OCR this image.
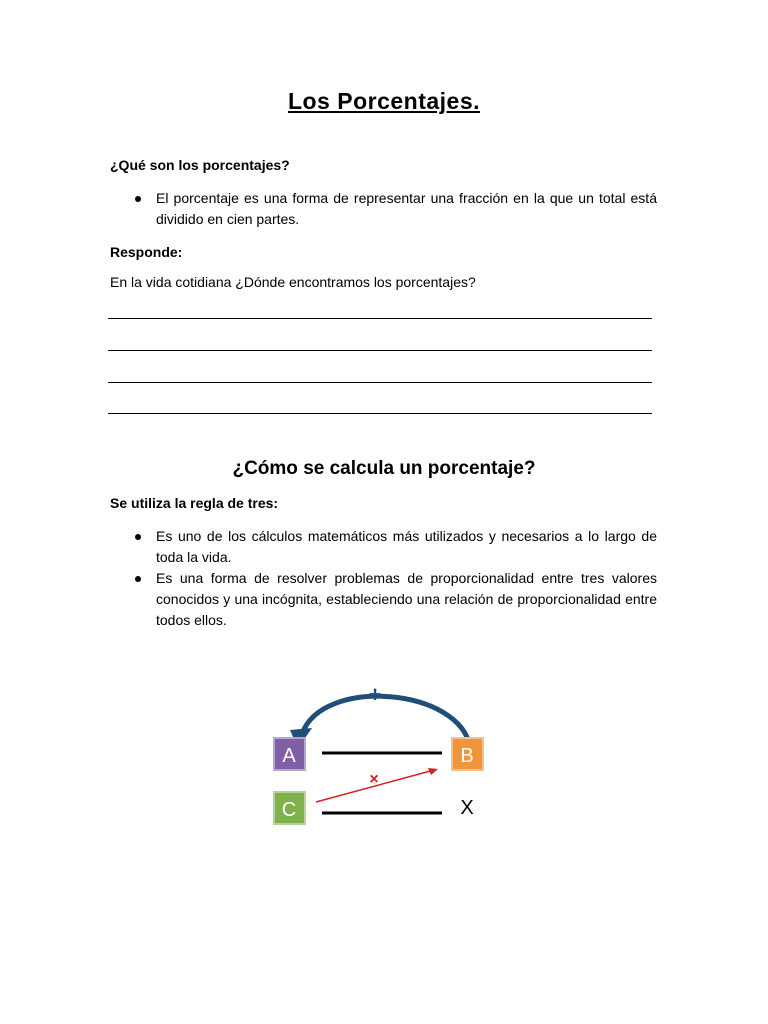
Los Porcentajes.
¿Qué son los porcentajes?
El porcentaje es una forma de representar una fracción en la que un total está dividido en cien partes.
Responde:
En la vida cotidiana ¿Dónde encontramos los porcentajes?
¿Cómo se calcula un porcentaje?
Se utiliza la regla de tres:
Es uno de los cálculos matemáticos más utilizados y necesarios a lo largo de toda la vida.
Es una forma de resolver problemas de proporcionalidad entre tres valores conocidos y una incógnita, estableciendo una relación de proporcionalidad entre todos ellos.
+
A	B
×
C	X
